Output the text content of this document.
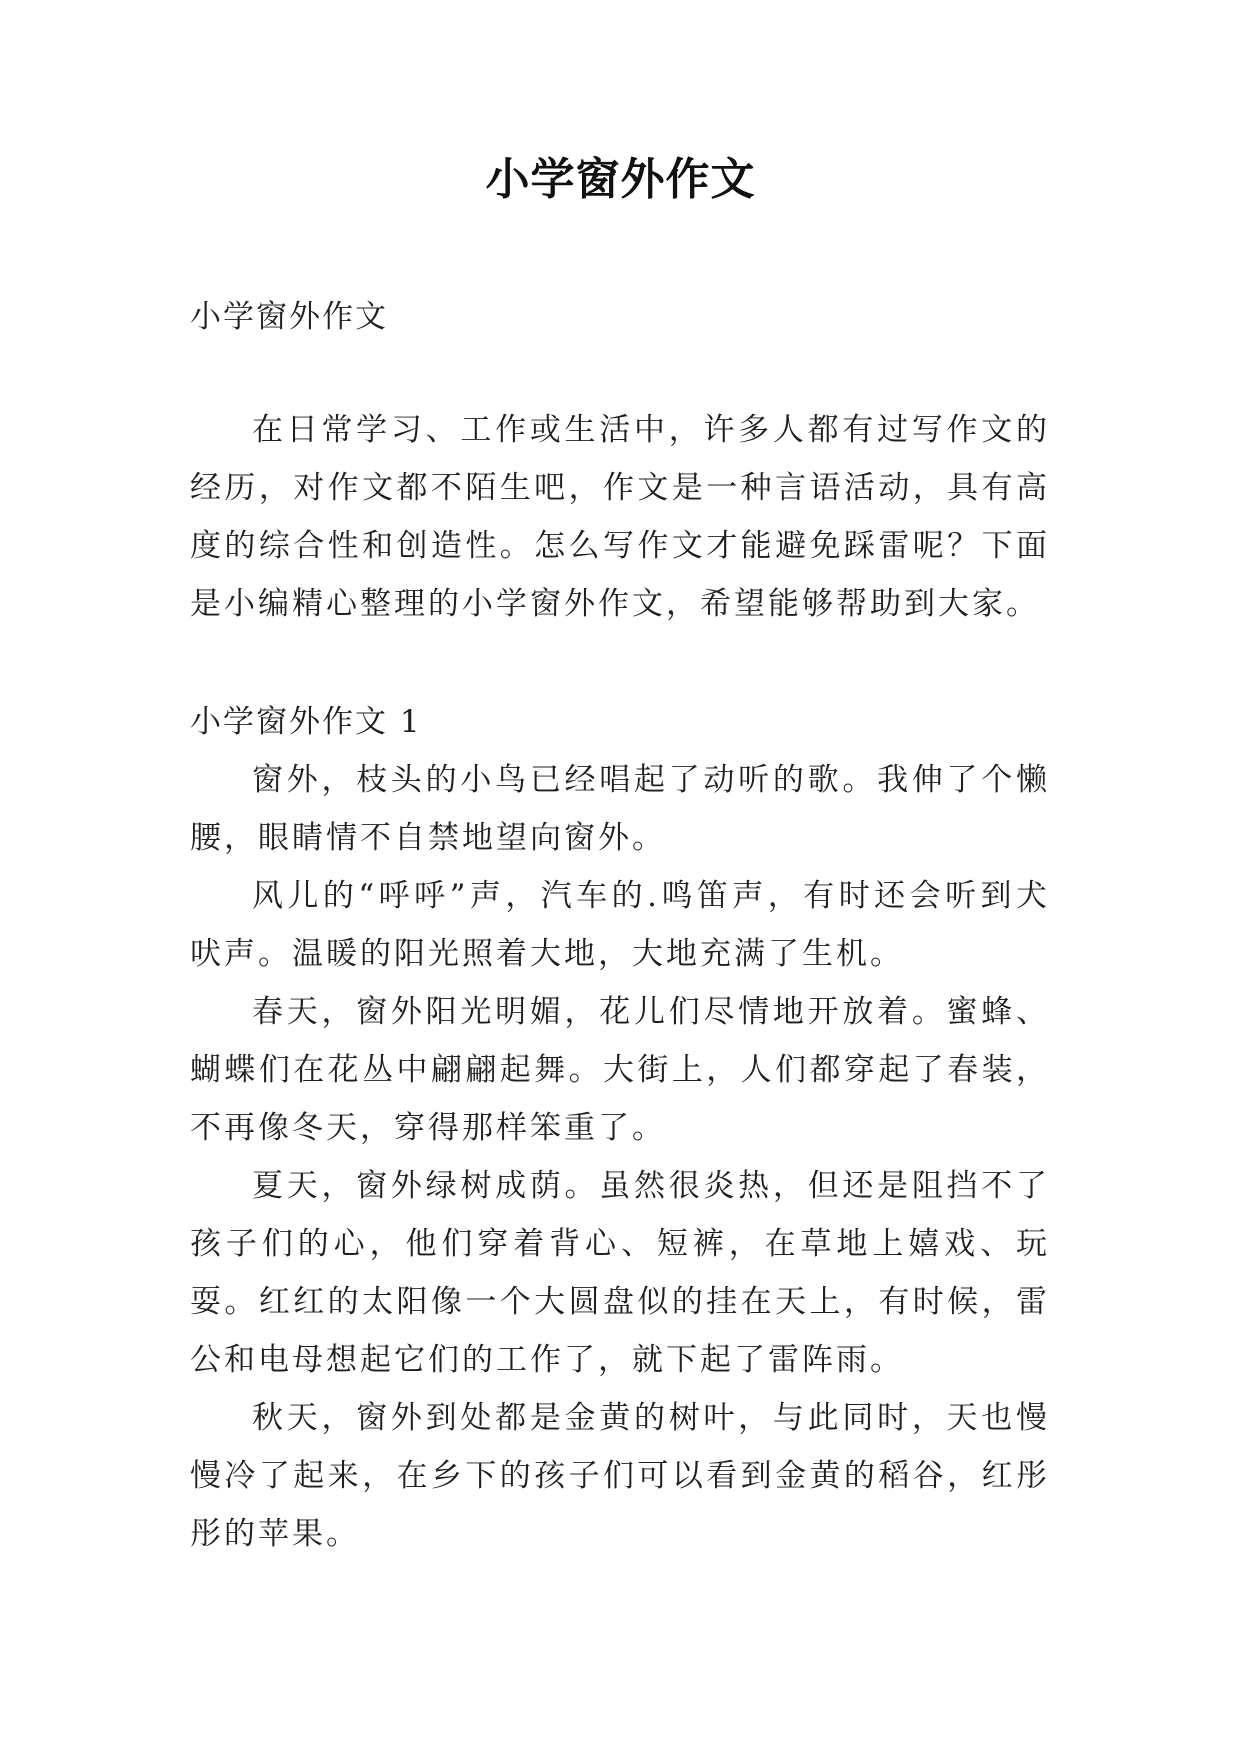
小学窗外作文
小学窗外作文
在日常学习、工作或生活中，许多人都有过写作文的经历，对作文都不陌生吧，作文是一种言语活动，具有高度的综合性和创造性。怎么写作文才能避免踩雷呢？下面是小编精心整理的小学窗外作文，希望能够帮助到大家。
小学窗外作文 1

窗外，枝头的小鸟已经唱起了动听的歌。我伸了个懒腰，眼睛情不自禁地望向窗外。

风儿的“呼呼”声，汽车的.鸣笛声，有时还会听到犬吠声。温暖的阳光照着大地，大地充满了生机。

春天，窗外阳光明媚，花儿们尽情地开放着。蜜蜂、蝴蝶们在花丛中翩翩起舞。大街上，人们都穿起了春装，不再像冬天，穿得那样笨重了。

夏天，窗外绿树成荫。虽然很炎热，但还是阻挡不了孩子们的心，他们穿着背心、短裤，在草地上嬉戏、玩耍。红红的太阳像一个大圆盘似的挂在天上，有时候，雷公和电母想起它们的工作了，就下起了雷阵雨。

秋天，窗外到处都是金黄的树叶，与此同时，天也慢慢冷了起来，在乡下的孩子们可以看到金黄的稻谷，红彤彤的苹果。
